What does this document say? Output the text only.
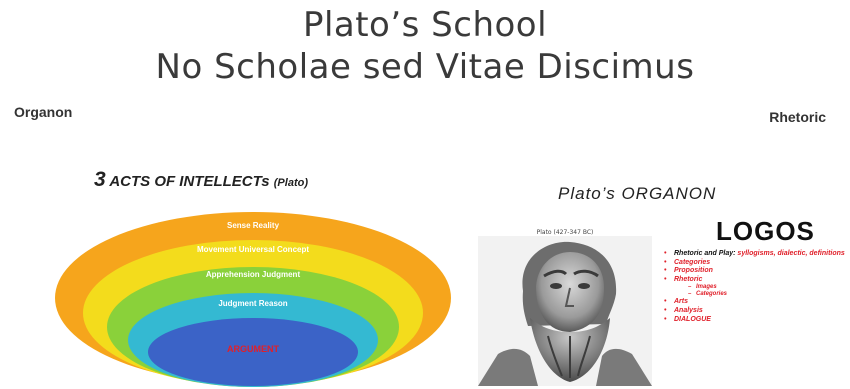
Plato’s School
No Scholae sed Vitae Discimus
Organon	Rhetoric
3 ACTS OF INTELLECTs (Plato)
Sense Reality
Movement Universal Concept
Apprehension Judgment
Judgment Reason
ARGUMENT
Plato’s ORGANON
LOGOS
Plato (427-347 BC)
• Rhetoric and Play: syllogisms, dialectic, definitions
• Categories
• Proposition
• Rhetoric
– Images
– Categories
• Arts
• Analysis
• DIALOGUE
